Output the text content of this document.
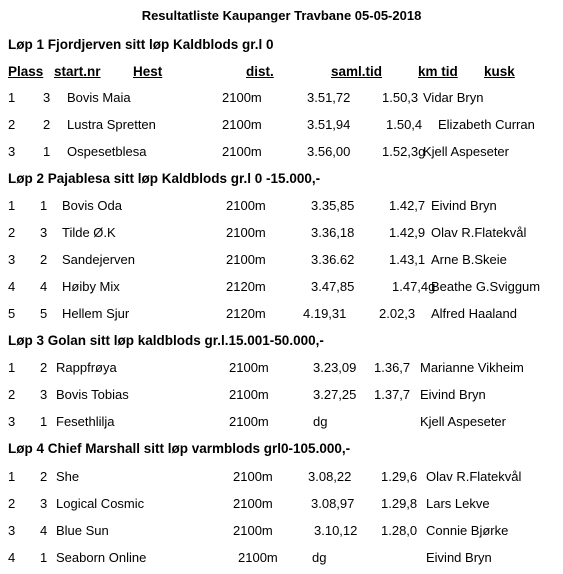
Resultatliste Kaupanger Travbane 05-05-2018
Plass start.nr Hest	dist.	saml.tid	km tid kusk
Løp 1 Fjordjerven sitt løp Kaldblods gr.l 0
1 3 Bovis Maia	2100m	3.51,72 1.50,3 Vidar Bryn
2 2 Lustra Spretten	2100m	3.51,94	1.50,4 Elizabeth Curran
3 1 Ospesetblesa	2100m	3.56,00 1.52,3g
Kjell Aspeseter
Løp 2 Pajablesa sitt løp Kaldblods gr.l 0 -15.000,-
1 1 Bovis Oda	2100m	3.35,85	1.42,7 Eivind Bryn
2 3 Tilde Ø.K	2100m	3.36,18	1.42,9 Olav R.Flatekvål
3 2 Sandejerven	2100m	3.36.62	1.43,1 Arne B.Skeie
4 4 Høiby Mix	2120m	3.47,85	1.47,4g
Beathe G.Sviggum
5 5 Hellem Sjur	2120m	4.19,31	2.02,3 Alfred Haaland
Løp 3 Golan sitt løp kaldblods gr.l.15.001-50.000,-
1 2 Rappfrøya	2100m	3.23,09 1.36,7 Marianne Vikheim
2 3 Bovis Tobias	2100m	3.27,25 1.37,7 Eivind Bryn
3 1 Fesethlilja	2100m	dg	Kjell Aspeseter
Løp 4 Chief Marshall sitt løp varmblods grl0-105.000,-
1 2 She	2100m	3.08,22 1.29,6 Olav R.Flatekvål
2 3 Logical Cosmic	2100m	3.08,97 1.29,8 Lars Lekve
3 4 Blue Sun	2100m	3.10,12 1.28,0 Connie Bjørke
4 1 Seaborn Online	2100m	dg	Eivind Bryn
